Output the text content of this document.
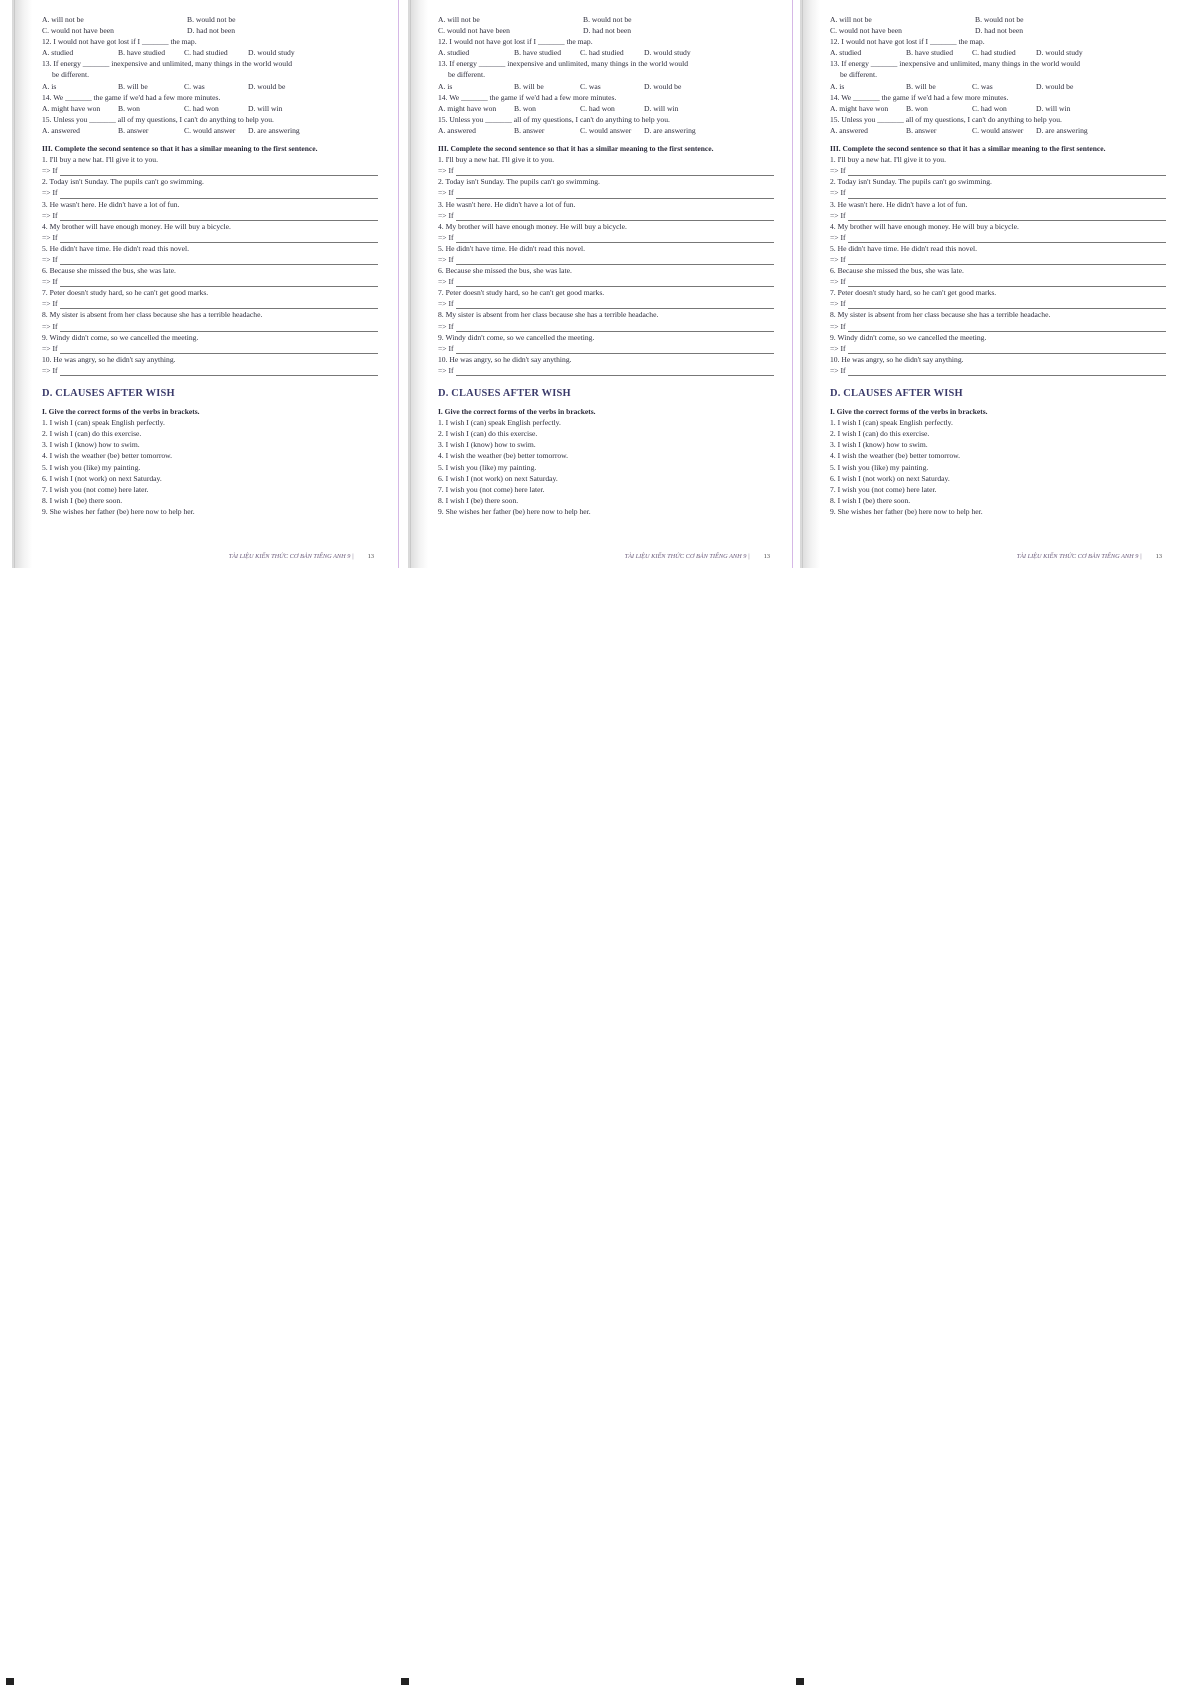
A. will not be	B. would not be
C. would not have been	D. had not been
12. I would not have got lost if I _______ the map.
A. studied	B. have studied	C. had studied	D. would study
13. If energy _______ inexpensive and unlimited, many things in the world would
be different.
A. is	B. will be	C. was	D. would be
14. We _______ the game if we'd had a few more minutes.
A. might have won	B. won	C. had won	D. will win
15. Unless you _______ all of my questions, I can't do anything to help you.
A. answered	B. answer	C. would answer	D. are answering
III. Complete the second sentence so that it has a similar meaning to the first sentence.
1. I'll buy a new hat. I'll give it to you.
=> If
2. Today isn't Sunday. The pupils can't go swimming.
=> If
3. He wasn't here. He didn't have a lot of fun.
=> If
4. My brother will have enough money. He will buy a bicycle.
=> If
5. He didn't have time. He didn't read this novel.
=> If
6. Because she missed the bus, she was late.
=> If
7. Peter doesn't study hard, so he can't get good marks.
=> If
8. My sister is absent from her class because she has a terrible headache.
=> If
9. Windy didn't come, so we cancelled the meeting.
=> If
10. He was angry, so he didn't say anything.
=> If
D. CLAUSES AFTER WISH
I. Give the correct forms of the verbs in brackets.
1. I wish I (can) speak English perfectly.
2. I wish I (can) do this exercise.
3. I wish I (know) how to swim.
4. I wish the weather (be) better tomorrow.
5. I wish you (like) my painting.
6. I wish I (not work) on next Saturday.
7. I wish you (not come) here later.
8. I wish I (be) there soon.
9. She wishes her father (be) here now to help her.
TÀI LIỆU KIẾN THỨC CƠ BẢN TIẾNG ANH 9 | 13
A. will not be	B. would not be
C. would not have been	D. had not been
12. I would not have got lost if I _______ the map.
A. studied	B. have studied	C. had studied	D. would study
13. If energy _______ inexpensive and unlimited, many things in the world would
be different.
A. is	B. will be	C. was	D. would be
14. We _______ the game if we'd had a few more minutes.
A. might have won	B. won	C. had won	D. will win
15. Unless you _______ all of my questions, I can't do anything to help you.
A. answered	B. answer	C. would answer	D. are answering
III. Complete the second sentence so that it has a similar meaning to the first sentence.
1. I'll buy a new hat. I'll give it to you.
=> If
2. Today isn't Sunday. The pupils can't go swimming.
=> If
3. He wasn't here. He didn't have a lot of fun.
=> If
4. My brother will have enough money. He will buy a bicycle.
=> If
5. He didn't have time. He didn't read this novel.
=> If
6. Because she missed the bus, she was late.
=> If
7. Peter doesn't study hard, so he can't get good marks.
=> If
8. My sister is absent from her class because she has a terrible headache.
=> If
9. Windy didn't come, so we cancelled the meeting.
=> If
10. He was angry, so he didn't say anything.
=> If
D. CLAUSES AFTER WISH
I. Give the correct forms of the verbs in brackets.
1. I wish I (can) speak English perfectly.
2. I wish I (can) do this exercise.
3. I wish I (know) how to swim.
4. I wish the weather (be) better tomorrow.
5. I wish you (like) my painting.
6. I wish I (not work) on next Saturday.
7. I wish you (not come) here later.
8. I wish I (be) there soon.
9. She wishes her father (be) here now to help her.
TÀI LIỆU KIẾN THỨC CƠ BẢN TIẾNG ANH 9 | 13
A. will not be	B. would not be
C. would not have been	D. had not been
12. I would not have got lost if I _______ the map.
A. studied	B. have studied	C. had studied	D. would study
13. If energy _______ inexpensive and unlimited, many things in the world would
be different.
A. is	B. will be	C. was	D. would be
14. We _______ the game if we'd had a few more minutes.
A. might have won	B. won	C. had won	D. will win
15. Unless you _______ all of my questions, I can't do anything to help you.
A. answered	B. answer	C. would answer	D. are answering
III. Complete the second sentence so that it has a similar meaning to the first sentence.
1. I'll buy a new hat. I'll give it to you.
=> If
2. Today isn't Sunday. The pupils can't go swimming.
=> If
3. He wasn't here. He didn't have a lot of fun.
=> If
4. My brother will have enough money. He will buy a bicycle.
=> If
5. He didn't have time. He didn't read this novel.
=> If
6. Because she missed the bus, she was late.
=> If
7. Peter doesn't study hard, so he can't get good marks.
=> If
8. My sister is absent from her class because she has a terrible headache.
=> If
9. Windy didn't come, so we cancelled the meeting.
=> If
10. He was angry, so he didn't say anything.
=> If
D. CLAUSES AFTER WISH
I. Give the correct forms of the verbs in brackets.
1. I wish I (can) speak English perfectly.
2. I wish I (can) do this exercise.
3. I wish I (know) how to swim.
4. I wish the weather (be) better tomorrow.
5. I wish you (like) my painting.
6. I wish I (not work) on next Saturday.
7. I wish you (not come) here later.
8. I wish I (be) there soon.
9. She wishes her father (be) here now to help her.
TÀI LIỆU KIẾN THỨC CƠ BẢN TIẾNG ANH 9 | 13
